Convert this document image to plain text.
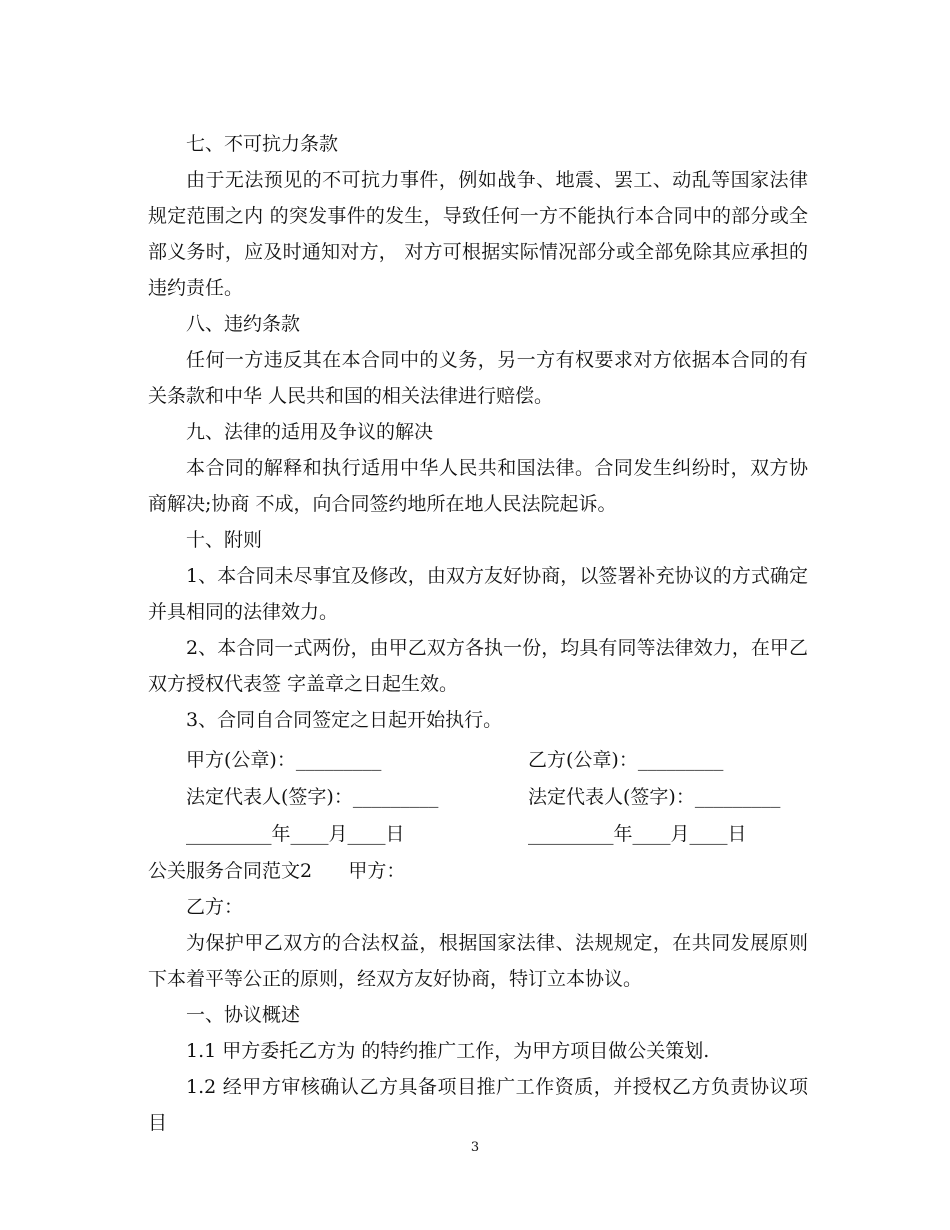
七、不可抗力条款

由于无法预见的不可抗力事件，例如战争、地震、罢工、动乱等国家法律规定范围之内 的突发事件的发生，导致任何一方不能执行本合同中的部分或全部义务时，应及时通知对方， 对方可根据实际情况部分或全部免除其应承担的违约责任。

八、违约条款

任何一方违反其在本合同中的义务，另一方有权要求对方依据本合同的有关条款和中华 人民共和国的相关法律进行赔偿。

九、法律的适用及争议的解决

本合同的解释和执行适用中华人民共和国法律。合同发生纠纷时，双方协商解决;协商 不成，向合同签约地所在地人民法院起诉。

十、附则

1、本合同未尽事宜及修改，由双方友好协商，以签署补充协议的方式确定并具相同的法律效力。

2、本合同一式两份，由甲乙双方各执一份，均具有同等法律效力，在甲乙双方授权代表签 字盖章之日起生效。

3、合同自合同签定之日起开始执行。

甲方(公章)：_________	乙方(公章)：_________
法定代表人(签字)：_________	法定代表人(签字)：_________
_________年____月____日	_________年____月____日
公关服务合同范文2      甲方：
乙方：

为保护甲乙双方的合法权益，根据国家法律、法规规定，在共同发展原则下本着平等公正的原则，经双方友好协商，特订立本协议。

一、协议概述

1.1 甲方委托乙方为 的特约推广工作，为甲方项目做公关策划.

1.2 经甲方审核确认乙方具备项目推广工作资质，并授权乙方负责协议项目

3
